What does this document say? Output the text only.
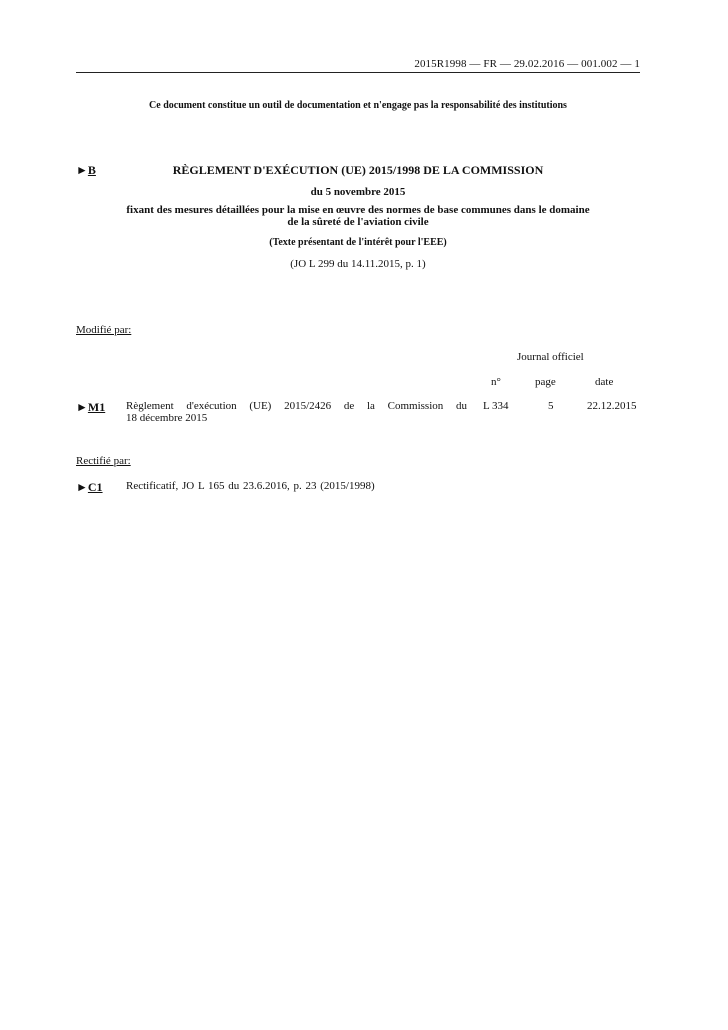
2015R1998 — FR — 29.02.2016 — 001.002 — 1
Ce document constitue un outil de documentation et n'engage pas la responsabilité des institutions
►B	RÈGLEMENT D'EXÉCUTION (UE) 2015/1998 DE LA COMMISSION
du 5 novembre 2015
fixant des mesures détaillées pour la mise en œuvre des normes de base communes dans le domaine
de la sûreté de l'aviation civile
(Texte présentant de l'intérêt pour l'EEE)
(JO L 299 du 14.11.2015, p. 1)
Modifié par:
Journal officiel
n°	page	date
►M1 Règlement d'exécution (UE) 2015/2426 de la Commission du
18 décembre 2015
L 334	5	22.12.2015
Rectifié par:
►C1 Rectificatif, JO L 165 du 23.6.2016, p. 23 (2015/1998)
